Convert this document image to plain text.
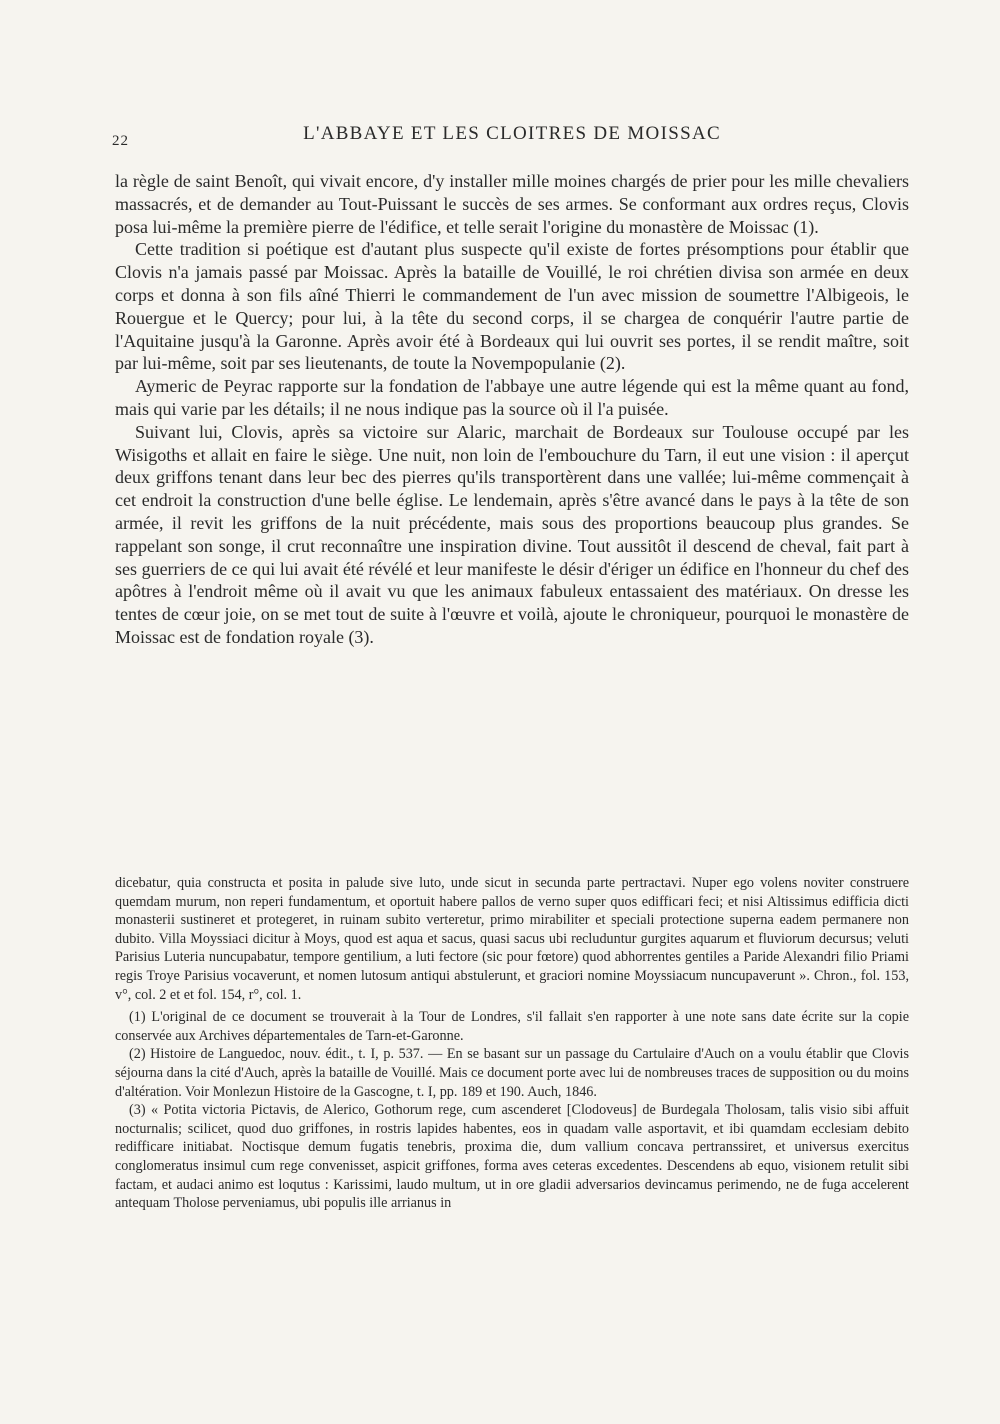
22	L'ABBAYE ET LES CLOITRES DE MOISSAC

la règle de saint Benoît, qui vivait encore, d'y installer mille moines chargés de prier pour les mille chevaliers massacrés, et de demander au Tout-Puissant le succès de ses armes. Se conformant aux ordres reçus, Clovis posa lui-même la première pierre de l'édifice, et telle serait l'origine du monastère de Moissac (1).

Cette tradition si poétique est d'autant plus suspecte qu'il existe de fortes présomptions pour établir que Clovis n'a jamais passé par Moissac. Après la bataille de Vouillé, le roi chrétien divisa son armée en deux corps et donna à son fils aîné Thierri le commandement de l'un avec mission de soumettre l'Albigeois, le Rouergue et le Quercy; pour lui, à la tête du second corps, il se chargea de conquérir l'autre partie de l'Aquitaine jusqu'à la Garonne. Après avoir été à Bordeaux qui lui ouvrit ses portes, il se rendit maître, soit par lui-même, soit par ses lieutenants, de toute la Novempopulanie (2).

Aymeric de Peyrac rapporte sur la fondation de l'abbaye une autre légende qui est la même quant au fond, mais qui varie par les détails; il ne nous indique pas la source où il l'a puisée.

Suivant lui, Clovis, après sa victoire sur Alaric, marchait de Bordeaux sur Toulouse occupé par les Wisigoths et allait en faire le siège. Une nuit, non loin de l'embouchure du Tarn, il eut une vision : il aperçut deux griffons tenant dans leur bec des pierres qu'ils transportèrent dans une vallée; lui-même commençait à cet endroit la construction d'une belle église. Le lendemain, après s'être avancé dans le pays à la tête de son armée, il revit les griffons de la nuit précédente, mais sous des proportions beaucoup plus grandes. Se rappelant son songe, il crut reconnaître une inspiration divine. Tout aussitôt il descend de cheval, fait part à ses guerriers de ce qui lui avait été révélé et leur manifeste le désir d'ériger un édifice en l'honneur du chef des apôtres à l'endroit même où il avait vu que les animaux fabuleux entassaient des matériaux. On dresse les tentes de cœur joie, on se met tout de suite à l'œuvre et voilà, ajoute le chroniqueur, pourquoi le monastère de Moissac est de fondation royale (3).

dicebatur, quia constructa et posita in palude sive luto, unde sicut in secunda parte pertractavi. Nuper ego volens noviter construere quemdam murum, non reperi fundamentum, et oportuit habere pallos de verno super quos edifficari feci; et nisi Altissimus edifficia dicti monasterii sustineret et protegeret, in ruinam subito verteretur, primo mirabiliter et speciali protectione superna eadem permanere non dubito. Villa Moyssiaci dicitur à Moys, quod est aqua et sacus, quasi sacus ubi recluduntur gurgites aquarum et fluviorum decursus; veluti Parisius Luteria nuncupabatur, tempore gentilium, a luti fectore (sic pour fœtore) quod abhorrentes gentiles a Paride Alexandri filio Priami regis Troye Parisius vocaverunt, et nomen lutosum antiqui abstulerunt, et graciori nomine Moyssiacum nuncupaverunt ». Chron., fol. 153, v°, col. 2 et et fol. 154, r°, col. 1.

(1) L'original de ce document se trouverait à la Tour de Londres, s'il fallait s'en rapporter à une note sans date écrite sur la copie conservée aux Archives départementales de Tarn-et-Garonne.

(2) Histoire de Languedoc, nouv. édit., t. I, p. 537. — En se basant sur un passage du Cartulaire d'Auch on a voulu établir que Clovis séjourna dans la cité d'Auch, après la bataille de Vouillé. Mais ce document porte avec lui de nombreuses traces de supposition ou du moins d'altération. Voir Monlezun Histoire de la Gascogne, t. I, pp. 189 et 190. Auch, 1846.

(3) « Potita victoria Pictavis, de Alerico, Gothorum rege, cum ascenderet [Clodoveus] de Burdegala Tholosam, talis visio sibi affuit nocturnalis; scilicet, quod duo griffones, in rostris lapides habentes, eos in quadam valle asportavit, et ibi quamdam ecclesiam debito redifficare initiabat. Noctisque demum fugatis tenebris, proxima die, dum vallium concava pertranssiret, et universus exercitus conglomeratus insimul cum rege convenisset, aspicit griffones, forma aves ceteras excedentes. Descendens ab equo, visionem retulit sibi factam, et audaci animo est loqutus : Karissimi, laudo multum, ut in ore gladii adversarios devincamus perimendo, ne de fuga accelerent antequam Tholose perveniamus, ubi populis ille arrianus in
